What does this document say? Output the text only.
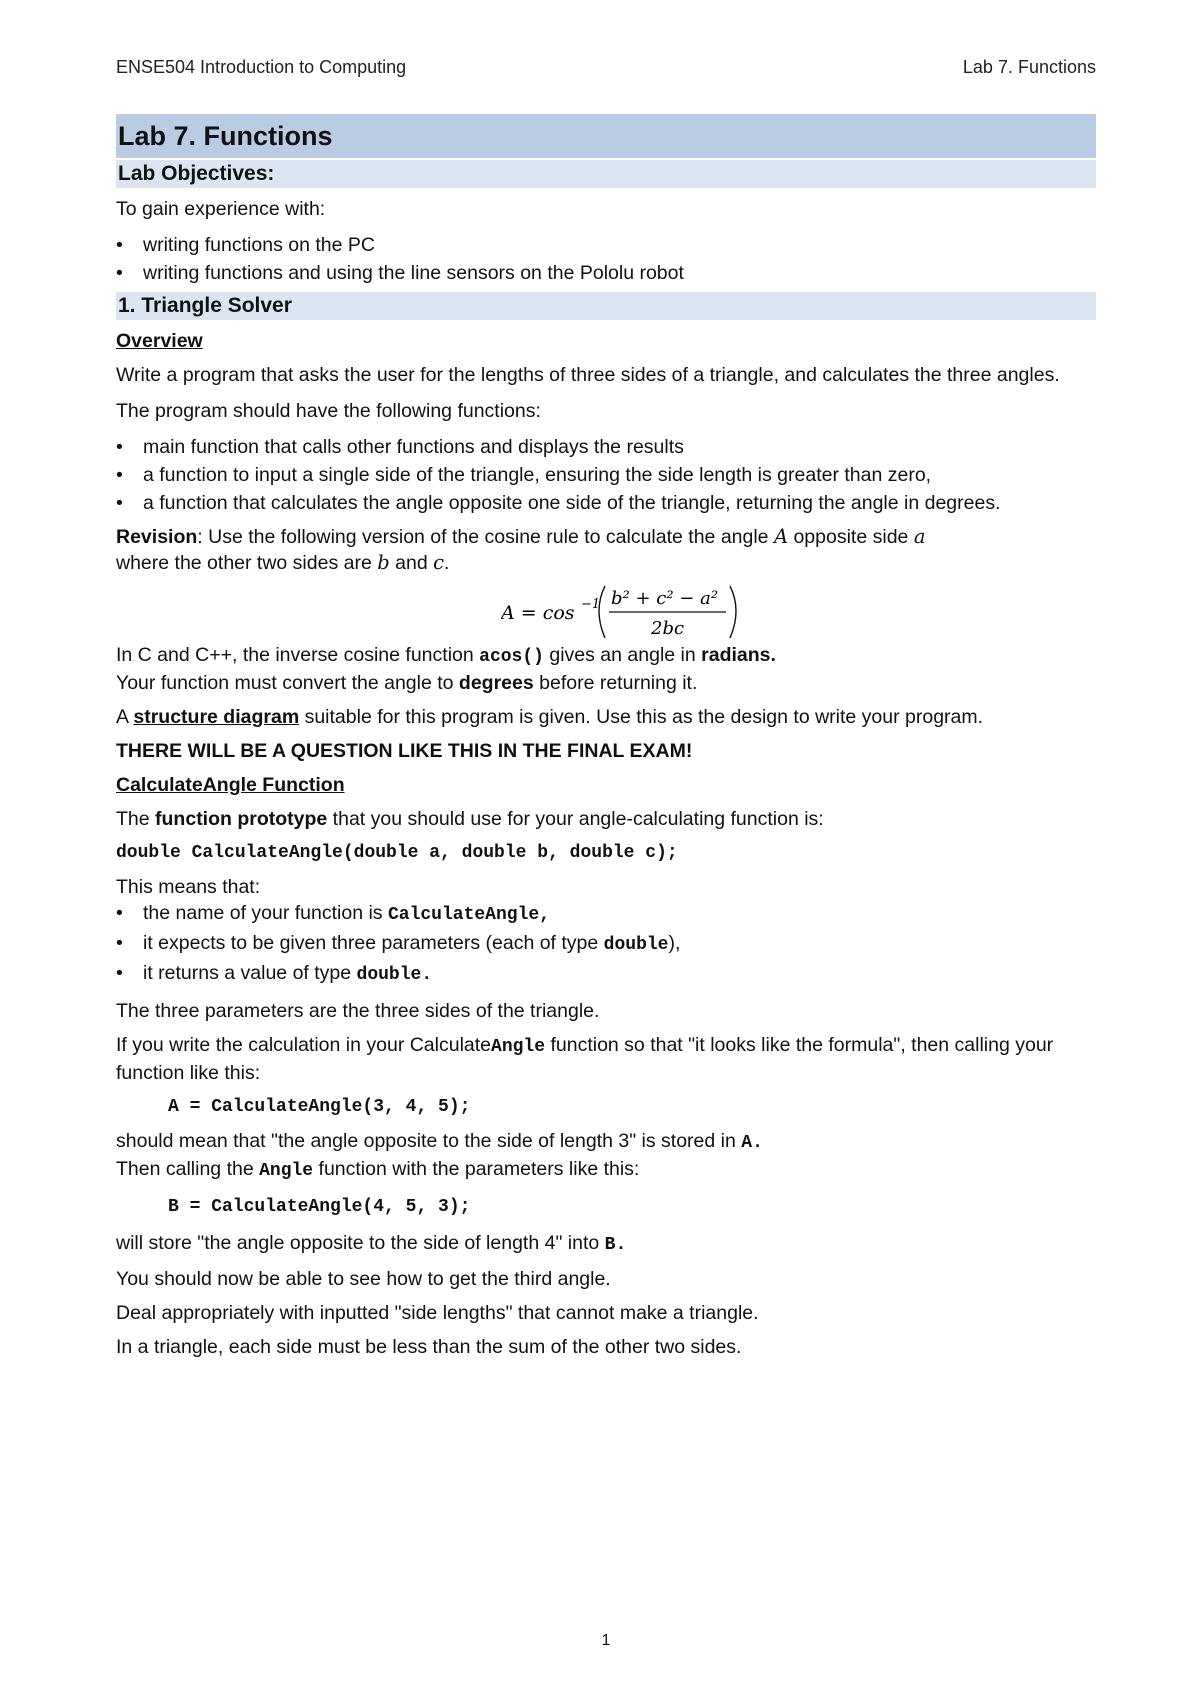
ENSE504 Introduction to Computing	Lab 7. Functions
Lab 7. Functions
Lab Objectives:

To gain experience with:

• writing functions on the PC
• writing functions and using the line sensors on the Pololu robot
1. Triangle Solver

Overview

Write a program that asks the user for the lengths of three sides of a triangle, and calculates the three angles.

The program should have the following functions:

• main function that calls other functions and displays the results
• a function to input a single side of the triangle, ensuring the side length is greater than zero,
• a function that calculates the angle opposite one side of the triangle, returning the angle in degrees.

Revision: Use the following version of the cosine rule to calculate the angle A opposite side a
where the other two sides are b and c.

A = cos −1 b² + c² − a²
2bc

In C and C++, the inverse cosine function acos() gives an angle in radians.
Your function must convert the angle to degrees before returning it.

A structure diagram suitable for this program is given. Use this as the design to write your program.

THERE WILL BE A QUESTION LIKE THIS IN THE FINAL EXAM!

CalculateAngle Function

The function prototype that you should use for your angle-calculating function is:

double CalculateAngle(double a, double b, double c);

This means that:

• the name of your function is CalculateAngle,
• it expects to be given three parameters (each of type double),
• it returns a value of type double.

The three parameters are the three sides of the triangle.

If you write the calculation in your CalculateAngle function so that "it looks like the formula", then calling your function like this:

A = CalculateAngle(3, 4, 5);

should mean that "the angle opposite to the side of length 3" is stored in A.
Then calling the Angle function with the parameters like this:

B = CalculateAngle(4, 5, 3);

will store "the angle opposite to the side of length 4" into B.

You should now be able to see how to get the third angle.

Deal appropriately with inputted "side lengths" that cannot make a triangle.

In a triangle, each side must be less than the sum of the other two sides.

1
